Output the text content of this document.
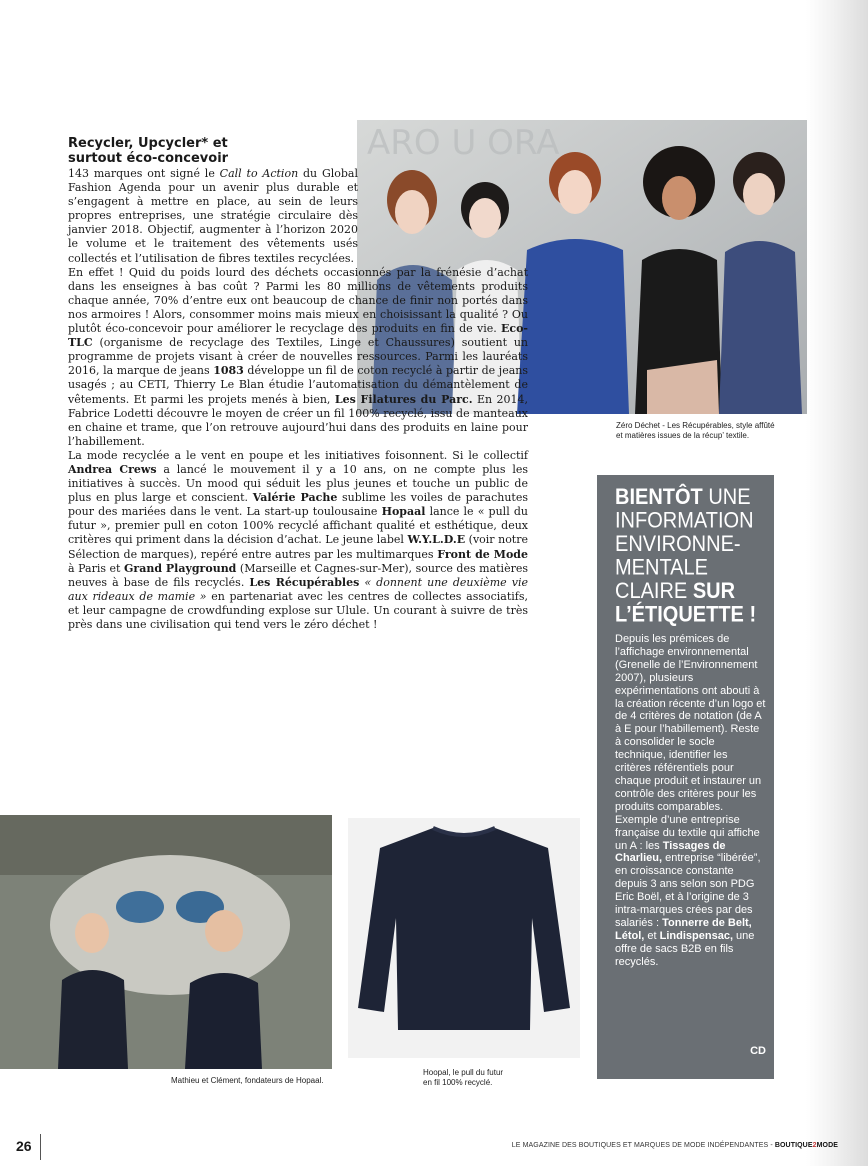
ARO U ORA
Zéro Déchet - Les Récupérables, style affûté
et matières issues de la récup’ textile.
Recycler, Upcycler* et
surtout éco-concevoir

143 marques ont signé le Call to Action du Global Fashion Agenda pour un avenir plus durable et s’engagent à mettre en place, au sein de leurs propres entreprises, une stratégie circulaire dès janvier 2018. Objectif, augmenter à l’horizon 2020 le volume et le traitement des vêtements usés collectés et l’utilisation de fibres textiles recyclées.

En effet ! Quid du poids lourd des déchets occasionnés par la frénésie d’achat dans les enseignes à bas coût ? Parmi les 80 millions de vêtements produits chaque année, 70% d’entre eux ont beaucoup de chance de finir non portés dans nos armoires ! Alors, consommer moins mais mieux en choisissant la qualité ? Ou plutôt éco-concevoir pour améliorer le recyclage des produits en fin de vie. Eco-TLC (organisme de recyclage des Textiles, Linge et Chaussures) soutient un programme de projets visant à créer de nouvelles ressources. Parmi les lauréats 2016, la marque de jeans 1083 développe un fil de coton recyclé à partir de jeans usagés ; au CETI, Thierry Le Blan étudie l’automatisation du démantèlement de vêtements. Et parmi les projets menés à bien, Les Filatures du Parc. En 2014, Fabrice Lodetti découvre le moyen de créer un fil 100% recyclé, issu de manteaux en chaine et trame, que l’on retrouve aujourd’hui dans des produits en laine pour l’habillement.

La mode recyclée a le vent en poupe et les initiatives foisonnent. Si le collectif Andrea Crews a lancé le mouvement il y a 10 ans, on ne compte plus les initiatives à succès. Un mood qui séduit les plus jeunes et touche un public de plus en plus large et conscient. Valérie Pache sublime les voiles de parachutes pour des mariées dans le vent. La start-up toulousaine Hopaal lance le « pull du futur », premier pull en coton 100% recyclé affichant qualité et esthétique, deux critères qui priment dans la décision d’achat. Le jeune label W.Y.L.D.E (voir notre Sélection de marques), repéré entre autres par les multimarques Front de Mode à Paris et Grand Playground (Marseille et Cagnes-sur-Mer), source des matières neuves à base de fils recyclés. Les Récupérables « donnent une deuxième vie aux rideaux de mamie » en partenariat avec les centres de collectes associatifs, et leur campagne de crowdfunding explose sur Ulule. Un courant à suivre de très près dans une civilisation qui tend vers le zéro déchet !

BIENTÔT UNE INFORMATION ENVIRONNE-MENTALE CLAIRE SUR L’ÉTIQUETTE !
Depuis les prémices de l’affichage environnemental (Grenelle de l’Environnement 2007), plusieurs expérimentations ont abouti à la création récente d’un logo et de 4 critères de notation (de A à E pour l’habillement). Reste à consolider le socle technique, identifier les critères référentiels pour chaque produit et instaurer un contrôle des critères pour les produits comparables. Exemple d’une entreprise française du textile qui affiche un A : les Tissages de Charlieu, entreprise “libérée”, en croissance constante depuis 3 ans selon son PDG Eric Boël, et à l’origine de 3 intra-marques crées par des salariés : Tonnerre de Belt, Létol, et Lindispensac, une offre de sacs B2B en fils recyclés.
CD
Mathieu et Clément, fondateurs de Hopaal.
Hoopal, le pull du futur
en fil 100% recyclé.
26	LE MAGAZINE DES BOUTIQUES ET MARQUES DE MODE INDÉPENDANTES - BOUTIQUE2MODE
